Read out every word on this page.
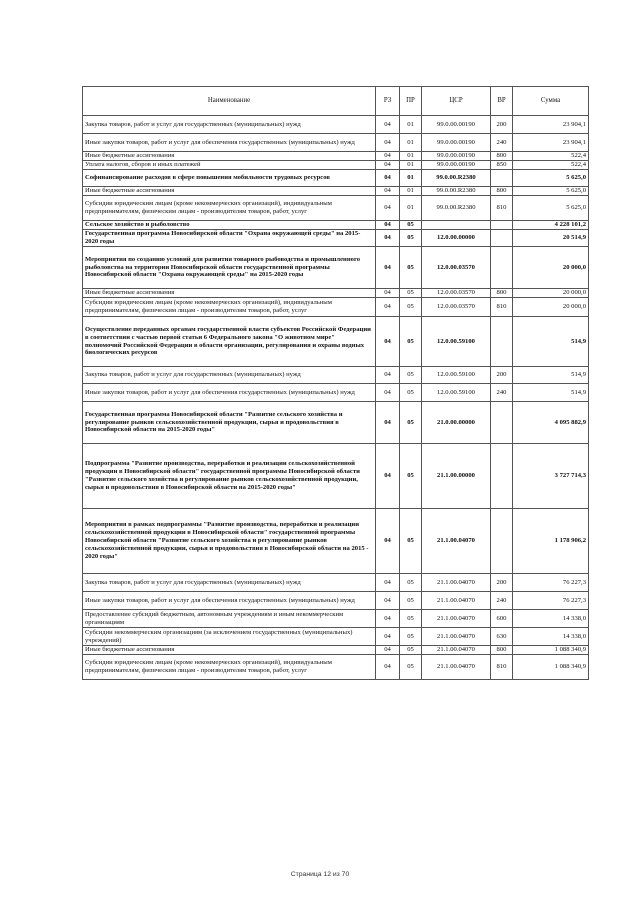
Наименование	РЗ	ПР	ЦСР	ВР	Сумма
Закупка товаров, работ и услуг для государственных (муниципальных) нужд	04	01	99.0.00.00190	200	23 904,1
Иные закупки товаров, работ и услуг для обеспечения государственных (муниципальных) нужд	04	01	99.0.00.00190	240	23 904,1
Иные бюджетные ассигнования	04	01	99.0.00.00190	800	522,4
Уплата налогов, сборов и иных платежей	04	01	99.0.00.00190	850	522,4
Софинансирование расходов в сфере повышения мобильности трудовых ресурсов	04	01	99.0.00.R2380		5 625,0
Иные бюджетные ассигнования	04	01	99.0.00.R2380	800	5 625,0
Субсидии юридическим лицам (кроме некоммерческих организаций), индивидуальным предпринимателям, физическим лицам - производителям товаров, работ, услуг	04	01	99.0.00.R2380	810	5 625,0
Сельское хозяйство и рыболовство	04	05			4 228 101,2
Государственная программа Новосибирской области "Охрана окружающей среды" на 2015-2020 годы	04	05	12.0.00.00000		20 514,9
Мероприятия по созданию условий для развития товарного рыбоводства и промышленного рыболовства на территории Новосибирской области государственной программы Новосибирской области "Охрана окружающей среды" на 2015-2020 годы	04	05	12.0.00.03570		20 000,0
Иные бюджетные ассигнования	04	05	12.0.00.03570	800	20 000,0
Субсидии юридическим лицам (кроме некоммерческих организаций), индивидуальным предпринимателям, физическим лицам - производителям товаров, работ, услуг	04	05	12.0.00.03570	810	20 000,0
Осуществление переданных органам государственной власти субъектов Российской Федерации в соответствии с частью первой статьи 6 Федерального закона "О животном мире" полномочий Российской Федерации в области организации, регулирования и охраны водных биологических ресурсов	04	05	12.0.00.59100		514,9
Закупка товаров, работ и услуг для государственных (муниципальных) нужд	04	05	12.0.00.59100	200	514,9
Иные закупки товаров, работ и услуг для обеспечения государственных (муниципальных) нужд	04	05	12.0.00.59100	240	514,9
Государственная программа Новосибирской области "Развитие сельского хозяйства и регулирование рынков сельскохозяйственной продукции, сырья и продовольствия в Новосибирской области на 2015-2020 годы"	04	05	21.0.00.00000		4 095 882,9
Подпрограмма "Развитие производства, переработки и реализации сельскохозяйственной продукции в Новосибирской области" государственной программы Новосибирской области "Развитие сельского хозяйства и регулирование рынков сельскохозяйственной продукции, сырья и продовольствия в Новосибирской области на 2015-2020 годы"	04	05	21.1.00.00000		3 727 714,3
Мероприятия в рамках подпрограммы "Развитие производства, переработки и реализации сельскохозяйственной продукции в Новосибирской области" государственной программы Новосибирской области "Развитие сельского хозяйства и регулирование рынков сельскохозяйственной продукции, сырья и продовольствия в Новосибирской области на 2015 - 2020 годы"	04	05	21.1.00.04070		1 178 906,2
Закупка товаров, работ и услуг для государственных (муниципальных) нужд	04	05	21.1.00.04070	200	76 227,3
Иные закупки товаров, работ и услуг для обеспечения государственных (муниципальных) нужд	04	05	21.1.00.04070	240	76 227,3
Предоставление субсидий бюджетным, автономным учреждениям и иным некоммерческим организациям	04	05	21.1.00.04070	600	14 338,0
Субсидии некоммерческим организациям (за исключением государственных (муниципальных) учреждений)	04	05	21.1.00.04070	630	14 338,0
Иные бюджетные ассигнования	04	05	21.1.00.04070	800	1 088 340,9
Субсидии юридическим лицам (кроме некоммерческих организаций), индивидуальным предпринимателям, физическим лицам - производителям товаров, работ, услуг	04	05	21.1.00.04070	810	1 088 340,9
Страница 12 из 70
